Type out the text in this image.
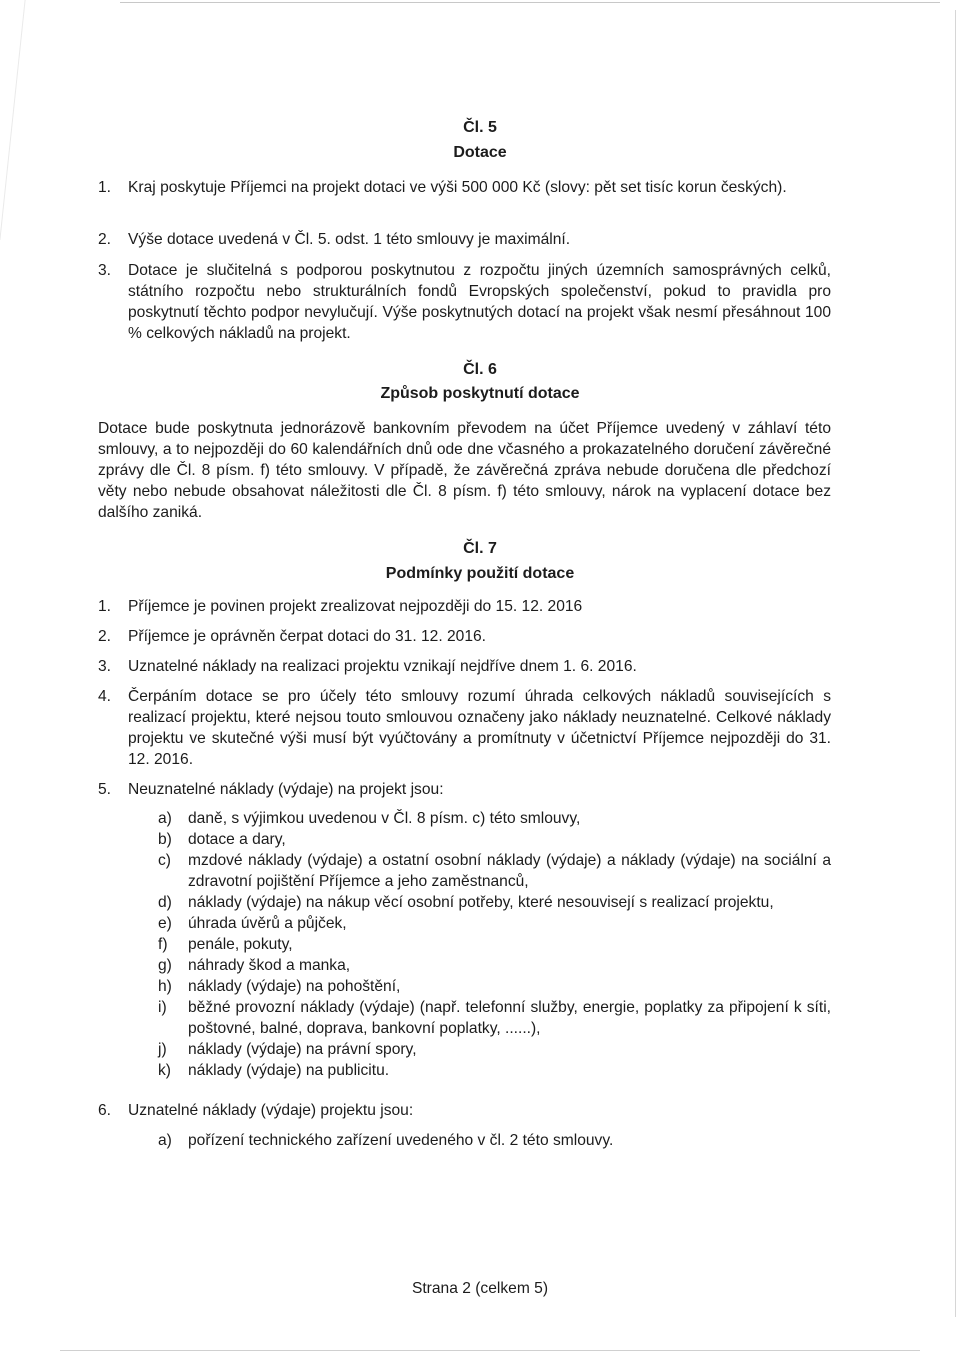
Čl. 5
Dotace
1. Kraj poskytuje Příjemci na projekt dotaci ve výši 500 000 Kč (slovy: pět set tisíc korun českých).
2. Výše dotace uvedená v Čl. 5. odst. 1 této smlouvy je maximální.
3. Dotace je slučitelná s podporou poskytnutou z rozpočtu jiných územních samosprávných celků, státního rozpočtu nebo strukturálních fondů Evropských společenství, pokud to pravidla pro poskytnutí těchto podpor nevylučují. Výše poskytnutých dotací na projekt však nesmí přesáhnout 100 % celkových nákladů na projekt.
Čl. 6
Způsob poskytnutí dotace
Dotace bude poskytnuta jednorázově bankovním převodem na účet Příjemce uvedený v záhlaví této smlouvy, a to nejpozději do 60 kalendářních dnů ode dne včasného a prokazatelného doručení závěrečné zprávy dle Čl. 8 písm. f) této smlouvy. V případě, že závěrečná zpráva nebude doručena dle předchozí věty nebo nebude obsahovat náležitosti dle Čl. 8 písm. f) této smlouvy, nárok na vyplacení dotace bez dalšího zaniká.
Čl. 7
Podmínky použití dotace
1. Příjemce je povinen projekt zrealizovat nejpozději do 15. 12. 2016
2. Příjemce je oprávněn čerpat dotaci do 31. 12. 2016.
3. Uznatelné náklady na realizaci projektu vznikají nejdříve dnem 1. 6. 2016.
4. Čerpáním dotace se pro účely této smlouvy rozumí úhrada celkových nákladů souvisejících s realizací projektu, které nejsou touto smlouvou označeny jako náklady neuznatelné. Celkové náklady projektu ve skutečné výši musí být vyúčtovány a promítnuty v účetnictví Příjemce nejpozději do 31. 12. 2016.
5. Neuznatelné náklady (výdaje) na projekt jsou:
a) daně, s výjimkou uvedenou v Čl. 8 písm. c) této smlouvy,
b) dotace a dary,
c) mzdové náklady (výdaje) a ostatní osobní náklady (výdaje) a náklady (výdaje) na sociální a zdravotní pojištění Příjemce a jeho zaměstnanců,
d) náklady (výdaje) na nákup věcí osobní potřeby, které nesouvisejí s realizací projektu,
e) úhrada úvěrů a půjček,
f) penále, pokuty,
g) náhrady škod a manka,
h) náklady (výdaje) na pohoštění,
i) běžné provozní náklady (výdaje) (např. telefonní služby, energie, poplatky za připojení k síti, poštovné, balné, doprava, bankovní poplatky, ......),
j) náklady (výdaje) na právní spory,
k) náklady (výdaje) na publicitu.
6. Uznatelné náklady (výdaje) projektu jsou:
a) pořízení technického zařízení uvedeného v čl. 2 této smlouvy.
Strana 2 (celkem 5)
